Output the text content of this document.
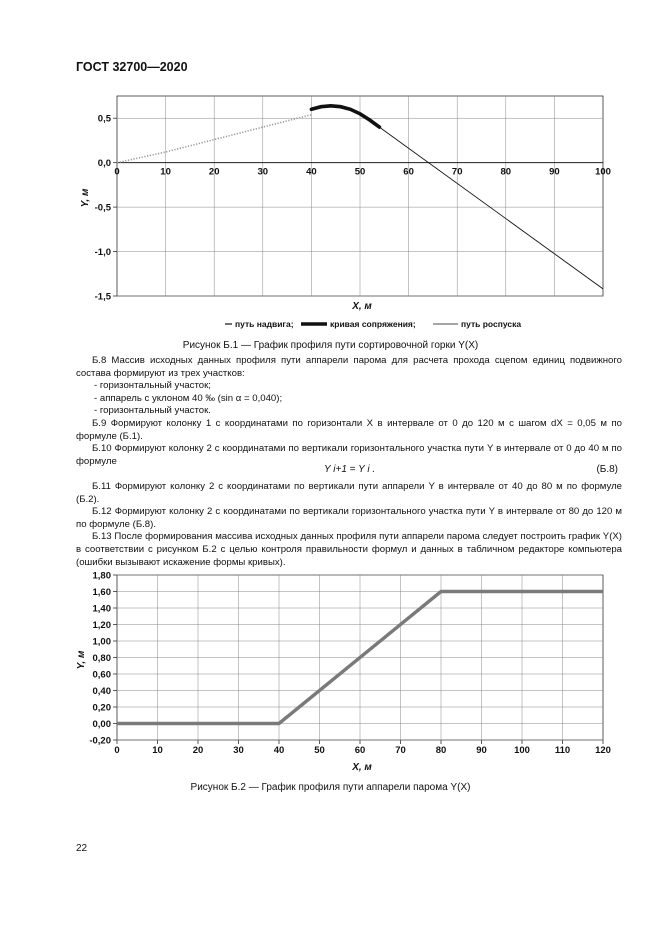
ГОСТ 32700—2020
0	10	20	30	40	50	60	70	80	90	100
0,5
0,0
-0,5
-1,0
-1,5
X, м
Y, м
путь надвига;	кривая сопряжения;	путь роспуска
Рисунок Б.1 — График профиля пути сортировочной горки Y(X)

Б.8 Массив исходных данных профиля пути аппарели парома для расчета прохода сцепом единиц подвижного состава формируют из трех участков:

- горизонтальный участок;

- аппарель с уклоном 40 ‰ (sin α = 0,040);

- горизонтальный участок.

Б.9 Формируют колонку 1 с координатами по горизонтали X в интервале от 0 до 120 м с шагом dX = 0,05 м по формуле (Б.1).

Б.10 Формируют колонку 2 с координатами по вертикали горизонтального участка пути Y в интервале от 0 до 40 м по формуле

Y i+1 = Y i .	(Б.8)

Б.11 Формируют колонку 2 с координатами по вертикали пути аппарели Y в интервале от 40 до 80 м по формуле (Б.2).

Б.12 Формируют колонку 2 с координатами по вертикали горизонтального участка пути Y в интервале от 80 до 120 м по формуле (Б.8).

Б.13 После формирования массива исходных данных профиля пути аппарели парома следует построить график Y(X) в соответствии с рисунком Б.2 с целью контроля правильности формул и данных в табличном редакторе компьютера (ошибки вызывают искажение формы кривых).

0	10	20	30	40	50	60	70	80	90	100	110	120
1,80
1,60
1,40
1,20
1,00
0,80
0,60
0,40
0,20
0,00
-0,20
X, м
Y, м
Рисунок Б.2 — График профиля пути аппарели парома Y(X)
22
